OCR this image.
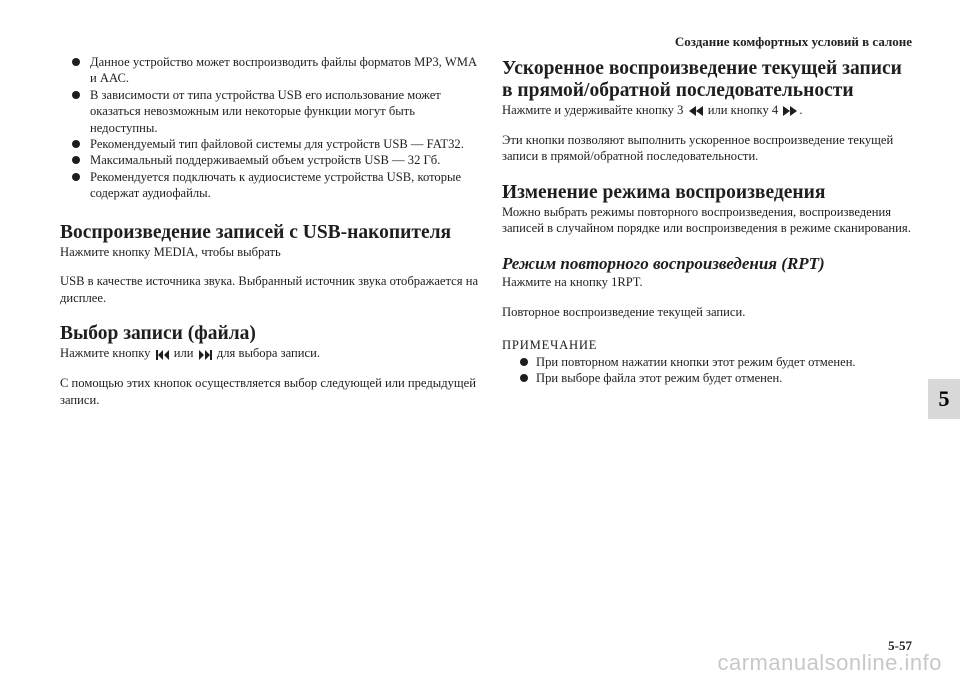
Создание комфортных условий в салоне
Данное устройство может воспроизводить файлы форматов МР3, WMA и ААС.
В зависимости от типа устройства USB его использование может оказаться невозможным или некоторые функции могут быть недоступны.
Рекомендуемый тип файловой системы для устройств USB — FAT32.
Максимальный поддерживаемый объем устройств USB — 32 Гб.
Рекомендуется подключать к аудиосистеме устройства USB, которые содержат аудиофайлы.
Воспроизведение записей с USB-накопителя

Нажмите кнопку MEDIA, чтобы выбрать

USB в качестве источника звука. Выбранный источник звука отображается на дисплее.

Выбор записи (файла)

Нажмите кнопку или для выбора записи.

С помощью этих кнопок осуществляется выбор следующей или предыдущей записи.

Ускоренное воспроизведение текущей записи
в прямой/обратной последовательности

Нажмите и удерживайте кнопку 3 или кнопку 4 .

Эти кнопки позволяют выполнить ускоренное воспроизведение текущей записи в прямой/обратной последовательности.

Изменение режима воспроизведения

Можно выбрать режимы повторного воспроизведения, воспроизведения записей в случайном порядке или воспроизведения в режиме сканирования.

Режим повторного воспроизведения (RPT)

Нажмите на кнопку 1RPT.

Повторное воспроизведение текущей записи.

ПРИМЕЧАНИЕ

При повторном нажатии кнопки этот режим будет отменен.
При выборе файла этот режим будет отменен.
5
5-57
carmanualsonline.info
